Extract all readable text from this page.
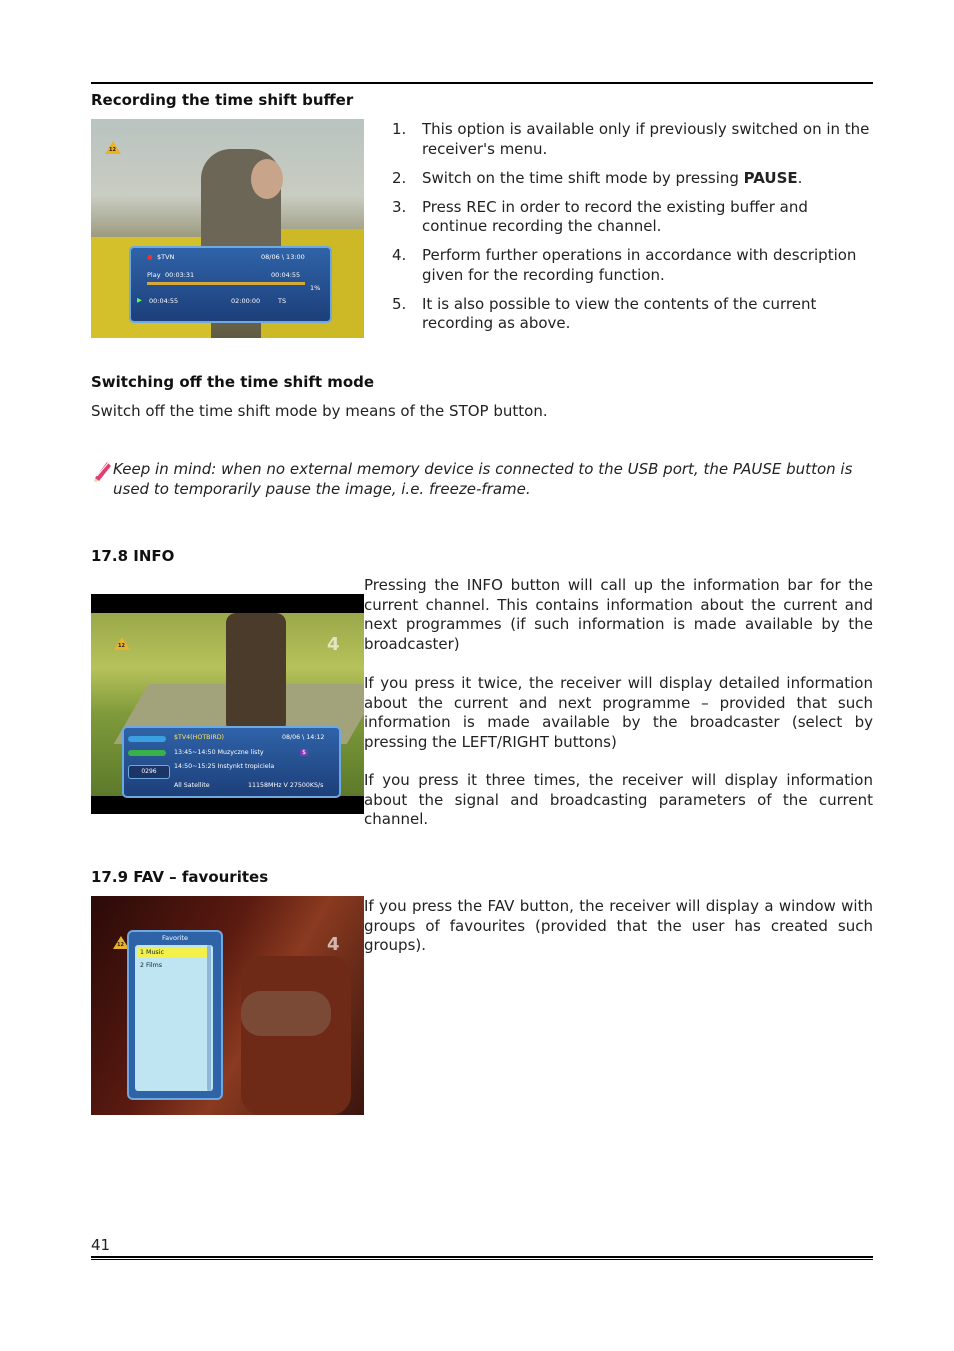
Recording the time shift buffer
12
● $TVN	08/06 \ 13:00
Play 00:03:31	00:04:55
1%
▶ 00:04:55	02:00:00	TS
1. This option is available only if previously switched on in the receiver's menu.
2. Switch on the time shift mode by pressing PAUSE.
3. Press REC in order to record the existing buffer and continue recording the channel.
4. Perform further operations in accordance with description given for the recording function.
5. It is also possible to view the contents of the current recording as above.
Switching off the time shift mode
Switch off the time shift mode by means of the STOP button.
Keep in mind: when no external memory device is connected to the USB port, the PAUSE button is used to temporarily pause the image, i.e. freeze-frame.
17.8 INFO
12	4
0296
$TV4(HOTBIRD)	08/06 \ 14:12
13:45~14:50 Muzyczne listy	$
14:50~15:25 Instynkt tropiciela
All Satellite	11158MHz V 27500KS/s
Pressing the INFO button will call up the information bar for the current channel. This contains information about the current and next programmes (if such information is made available by the broadcaster)
If you press it twice, the receiver will display detailed information about the current and next programme – provided that such information is made available by the broadcaster (select by pressing the LEFT/RIGHT buttons)
If you press it three times, the receiver will display information about the signal and broadcasting parameters of the current channel.
17.9 FAV – favourites
12	4
Favorite
1 Music
2 Films
If you press the FAV button, the receiver will display a window with groups of favourites (provided that the user has created such groups).
41
